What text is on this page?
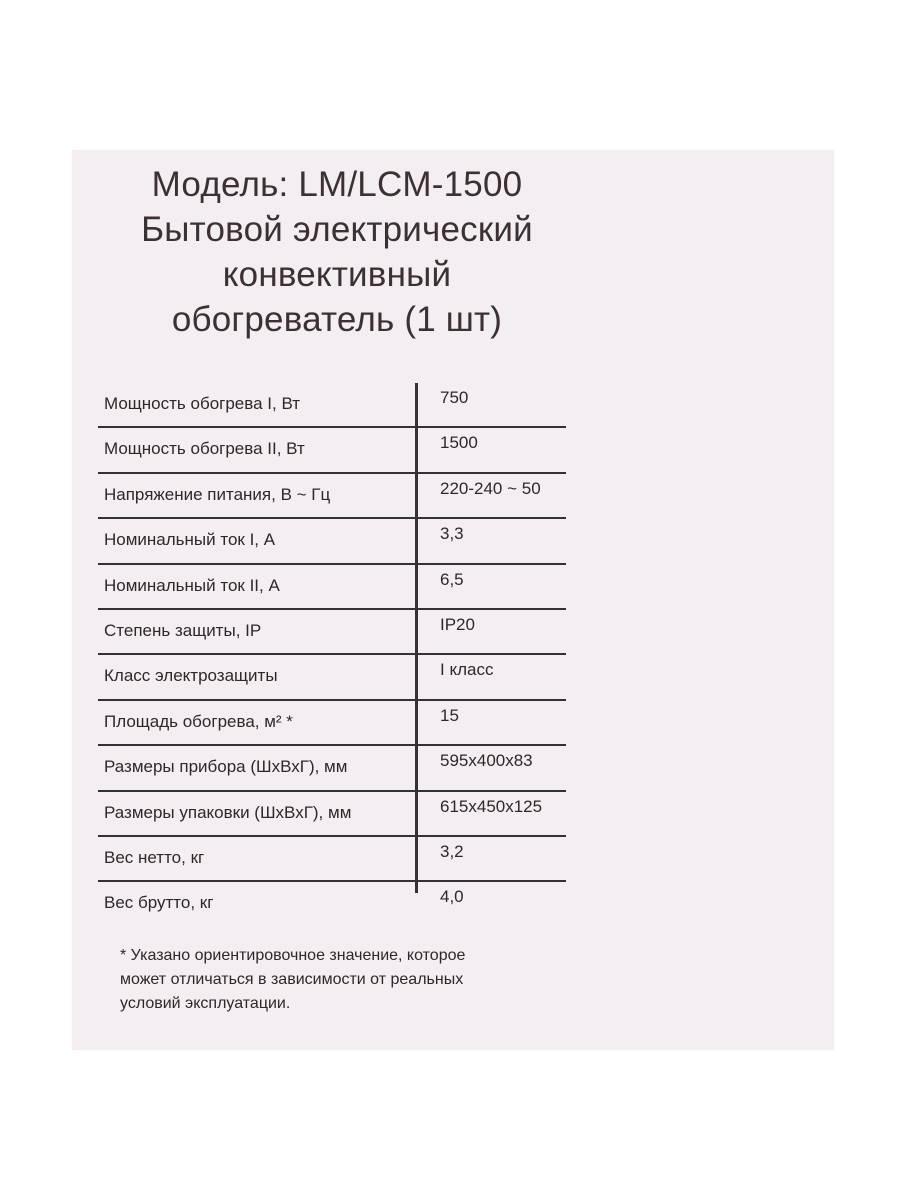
Модель: LM/LCM-1500
Бытовой электрический
конвективный
обогреватель (1 шт)
Мощность обогрева I, Вт	750
Мощность обогрева II, Вт	1500
Напряжение питания, В ~ Гц	220-240 ~ 50
Номинальный ток I, А	3,3
Номинальный ток II, А	6,5
Степень защиты, IP	IP20
Класс электрозащиты	I класс
Площадь обогрева, м² *	15
Размеры прибора (ШхВхГ), мм	595x400x83
Размеры упаковки (ШхВхГ), мм	615x450x125
Вес нетто, кг	3,2
Вес брутто, кг	4,0
* Указано ориентировочное значение, которое
может отличаться в зависимости от реальных
условий эксплуатации.
